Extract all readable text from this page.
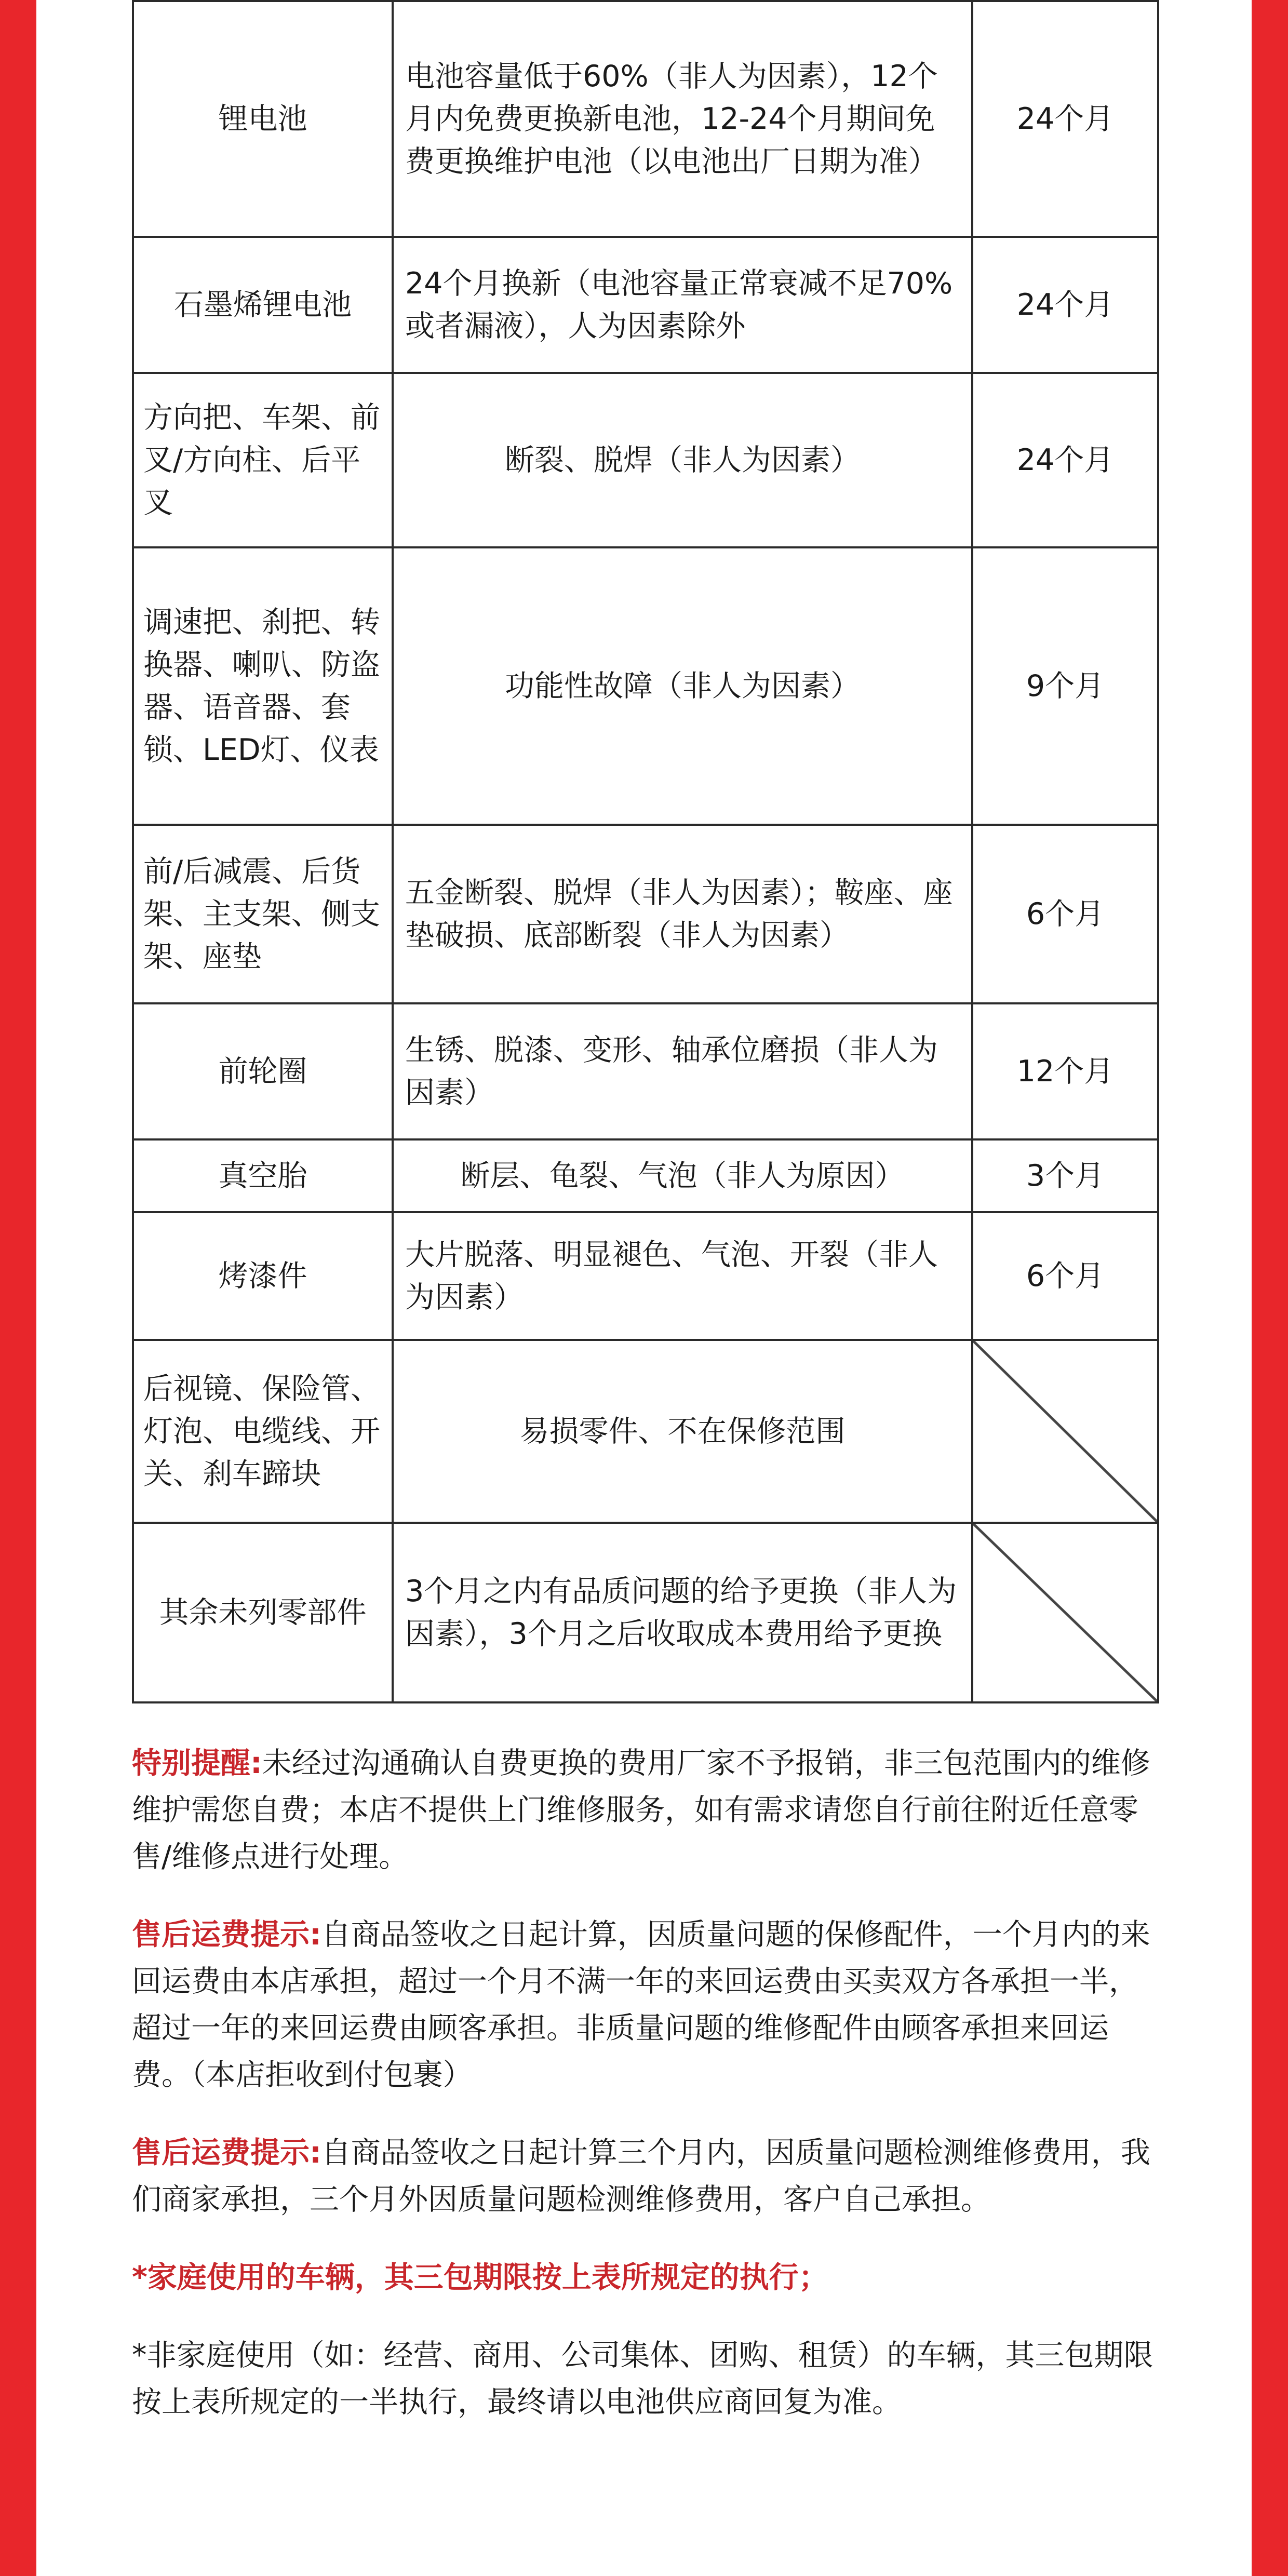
锂电池	电池容量低于60%（非人为因素），12个月内免费更换新电池，12-24个月期间免费更换维护电池（以电池出厂日期为准）	24个月
石墨烯锂电池	24个月换新（电池容量正常衰减不足70%或者漏液），人为因素除外	24个月
方向把、车架、前叉/方向柱、后平叉	断裂、脱焊（非人为因素）	24个月
调速把、刹把、转换器、喇叭、防盗器、语音器、套锁、LED灯、仪表	功能性故障（非人为因素）	9个月
前/后减震、后货架、主支架、侧支架、座垫	五金断裂、脱焊（非人为因素）；鞍座、座垫破损、底部断裂（非人为因素）	6个月
前轮圈	生锈、脱漆、变形、轴承位磨损（非人为因素）	12个月
真空胎	断层、龟裂、气泡（非人为原因）	3个月
烤漆件	大片脱落、明显褪色、气泡、开裂（非人为因素）	6个月
后视镜、保险管、灯泡、电缆线、开关、刹车蹄块	易损零件、不在保修范围	
其余未列零部件	3个月之内有品质问题的给予更换（非人为因素），3个月之后收取成本费用给予更换	

特别提醒:未经过沟通确认自费更换的费用厂家不予报销，非三包范围内的维修维护需您自费；本店不提供上门维修服务，如有需求请您自行前往附近任意零售/维修点进行处理。

售后运费提示:自商品签收之日起计算，因质量问题的保修配件，一个月内的来回运费由本店承担，超过一个月不满一年的来回运费由买卖双方各承担一半，超过一年的来回运费由顾客承担。非质量问题的维修配件由顾客承担来回运费。（本店拒收到付包裹）

售后运费提示:自商品签收之日起计算三个月内，因质量问题检测维修费用，我们商家承担，三个月外因质量问题检测维修费用，客户自己承担。

*家庭使用的车辆，其三包期限按上表所规定的执行；

*非家庭使用（如：经营、商用、公司集体、团购、租赁）的车辆，其三包期限按上表所规定的一半执行，最终请以电池供应商回复为准。
